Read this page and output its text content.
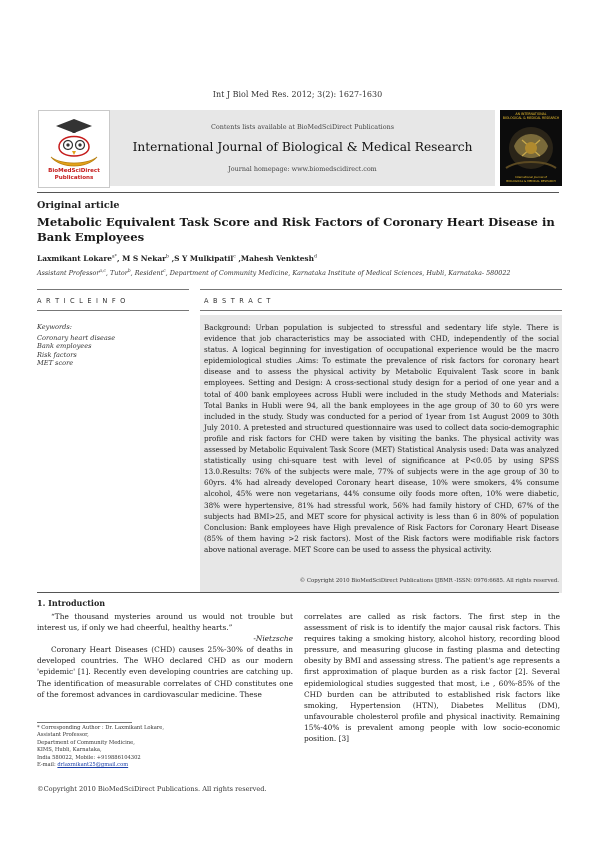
Int J Biol Med Res. 2012; 3(2): 1627-1630
Contents lists available at BioMedSciDirect Publications
International Journal of Biological & Medical Research
Journal homepage: www.biomedscidirect.com
BioMedSciDirect
Publications
AN INTERNATIONAL
BIOLOGICAL & MEDICAL RESEARCH
International Journal of
BIOLOGICAL & MEDICAL RESEARCH
Original article
Metabolic Equivalent Task Score and Risk Factors of Coronary Heart Disease in Bank Employees
Laxmikant Lokare$^{a*}$, M S Nekar$^b$ ,S Y Mulkipatil$^c$ ,Mahesh Venktesh$^d$
Assistant Professor$^{a,c}$, Tutor$^b$, Resident$^c$, Department of Community Medicine, Karnataka Institute of Medical Sciences, Hubli, Karnataka- 580022
A R T I C L E I N F O	A B S T R A C T
Keywords:
Coronary heart disease
Bank employees
Risk factors
MET score
Background: Urban population is subjected to stressful and sedentary life style. There is evidence that job characteristics may be associated with CHD, independently of the social status. A logical beginning for investigation of occupational experience would be the macro epidemiological studies .Aims: To estimate the prevalence of risk factors for coronary heart disease and to assess the physical activity by Metabolic Equivalent Task score in bank employees. Setting and Design: A cross-sectional study design for a period of one year and a total of 400 bank employees across Hubli were included in the study Methods and Materials: Total Banks in Hubli were 94, all the bank employees in the age group of 30 to 60 yrs were included in the study. Study was conducted for a period of 1year from 1st August 2009 to 30th July 2010. A pretested and structured questionnaire was used to collect data socio-demographic profile and risk factors for CHD were taken by visiting the banks. The physical activity was assessed by Metabolic Equivalent Task Score (MET) Statistical Analysis used: Data was analyzed statistically using chi-square test with level of significance at P<0.05 by using SPSS 13.0.Results: 76% of the subjects were male, 77% of subjects were in the age group of 30 to 60yrs. 4% had already developed Coronary heart disease, 10% were smokers, 4% consume alcohol, 45% were non vegetarians, 44% consume oily foods more often, 10% were diabetic, 38% were hypertensive, 81% had stressful work, 56% had family history of CHD, 67% of the subjects had BMI>25, and MET score for physical activity is less than 6 in 80% of population Conclusion: Bank employees have High prevalence of Risk Factors for Coronary Heart Disease (85% of them having >2 risk factors). Most of the Risk factors were modifiable risk factors above national average. MET Score can be used to assess the physical activity.
© Copyright 2010 BioMedSciDirect Publications IJBMR -ISSN: 0976:6685. All rights reserved.
1. Introduction
“The thousand mysteries around us would not trouble but interest us, if only we had cheerful, healthy hearts.”
-Nietzsche
Coronary Heart Diseases (CHD) causes 25%-30% of deaths in developed countries. The WHO declared CHD as our modern 'epidemic' [1]. Recently even developing countries are catching up. The identification of measurable correlates of CHD constitutes one of the foremost advances in cardiovascular medicine. These
correlates are called as risk factors. The first step in the assessment of risk is to identify the major causal risk factors. This requires taking a smoking history, alcohol history, recording blood pressure, and measuring glucose in fasting plasma and detecting obesity by BMI and assessing stress. The patient's age represents a first approximation of plaque burden as a risk factor [2]. Several epidemiological studies suggested that most, i.e , 60%-85% of the CHD burden can be attributed to established risk factors like smoking, Hypertension (HTN), Diabetes Mellitus (DM), unfavourable cholesterol profile and physical inactivity. Remaining 15%-40% is prevalent among people with low socio-economic position. [3]
* Corresponding Author : Dr. Laxmikant Lokare,
Assistant Professor,
Department of Community Medicine,
KIMS, Hubli, Karnataka,
India 580022, Mobile: +919886104302
E-mail: drlaxmikant25@gmail.com
©Copyright 2010 BioMedSciDirect Publications. All rights reserved.
